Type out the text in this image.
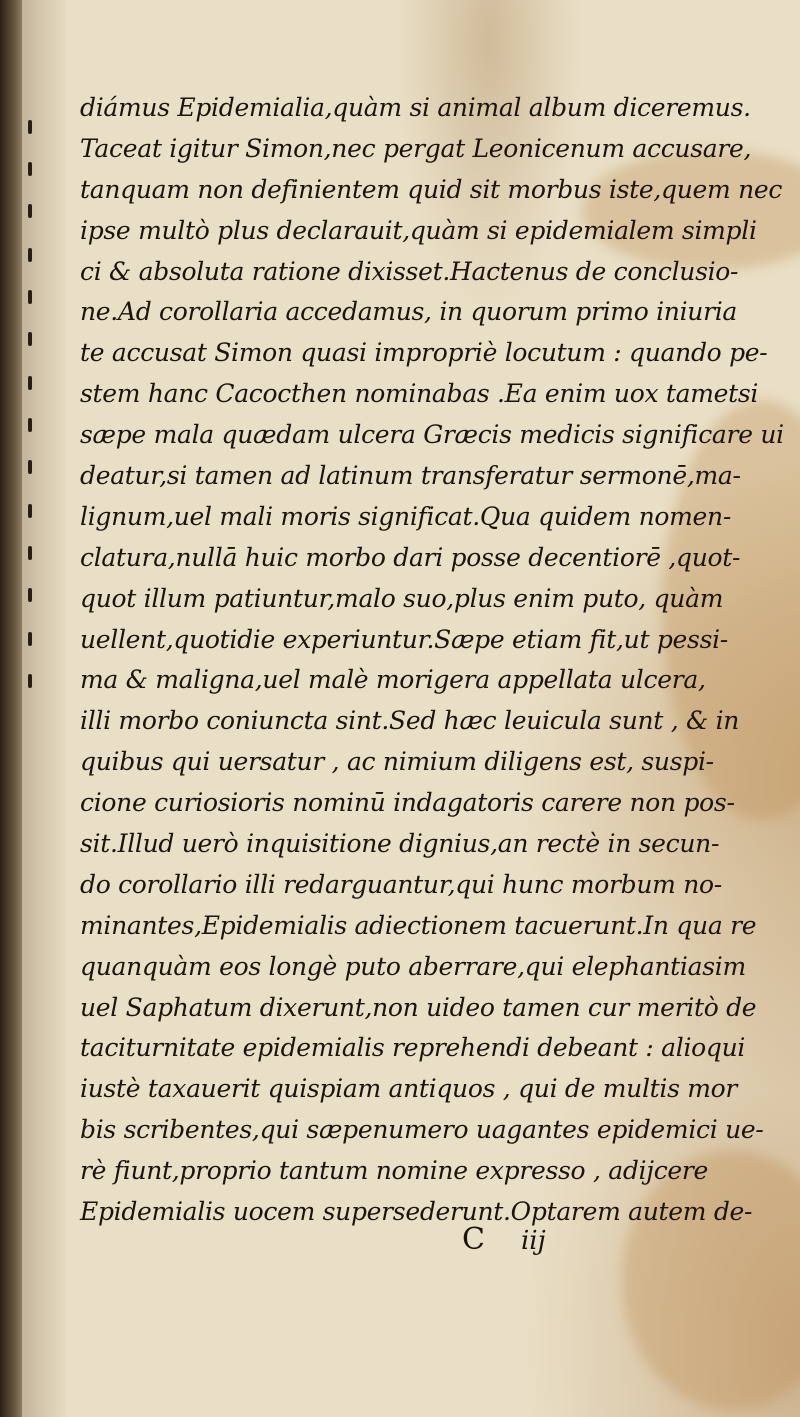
diámus Epidemialia,quàm si animal album diceremus.
Taceat igitur Simon,nec pergat Leonicenum accusare,
tanquam non definientem quid sit morbus iste,quem nec
ipse multò plus declarauit,quàm si epidemialem simpli
ci & absoluta ratione dixisset.Hactenus de conclusio-
ne.Ad corollaria accedamus, in quorum primo iniuria
te accusat Simon quasi impropriè locutum : quando pe-
stem hanc Cacocthen nominabas .Ea enim uox tametsi
sæpe mala quædam ulcera Græcis medicis significare ui
deatur,si tamen ad latinum transferatur sermonē,ma-
lignum,uel mali moris significat.Qua quidem nomen-
clatura,nullā huic morbo dari posse decentiorē ,quot-
quot illum patiuntur,malo suo,plus enim puto, quàm
uellent,quotidie experiuntur.Sæpe etiam fit,ut pessi-
ma & maligna,uel malè morigera appellata ulcera,
illi morbo coniuncta sint.Sed hæc leuicula sunt , & in
quibus qui uersatur , ac nimium diligens est, suspi-
cione curiosioris nominū indagatoris carere non pos-
sit.Illud uerò inquisitione dignius,an rectè in secun-
do corollario illi redarguantur,qui hunc morbum no-
minantes,Epidemialis adiectionem tacuerunt.In qua re
quanquàm eos longè puto aberrare,qui elephantiasim
uel Saphatum dixerunt,non uideo tamen cur meritò de
taciturnitate epidemialis reprehendi debeant : alioqui
iustè taxauerit quispiam antiquos , qui de multis mor
bis scribentes,qui sæpenumero uagantes epidemici ue-
rè fiunt,proprio tantum nomine expresso , adijcere
Epidemialis uocem supersederunt.Optarem autem de-
C iij
